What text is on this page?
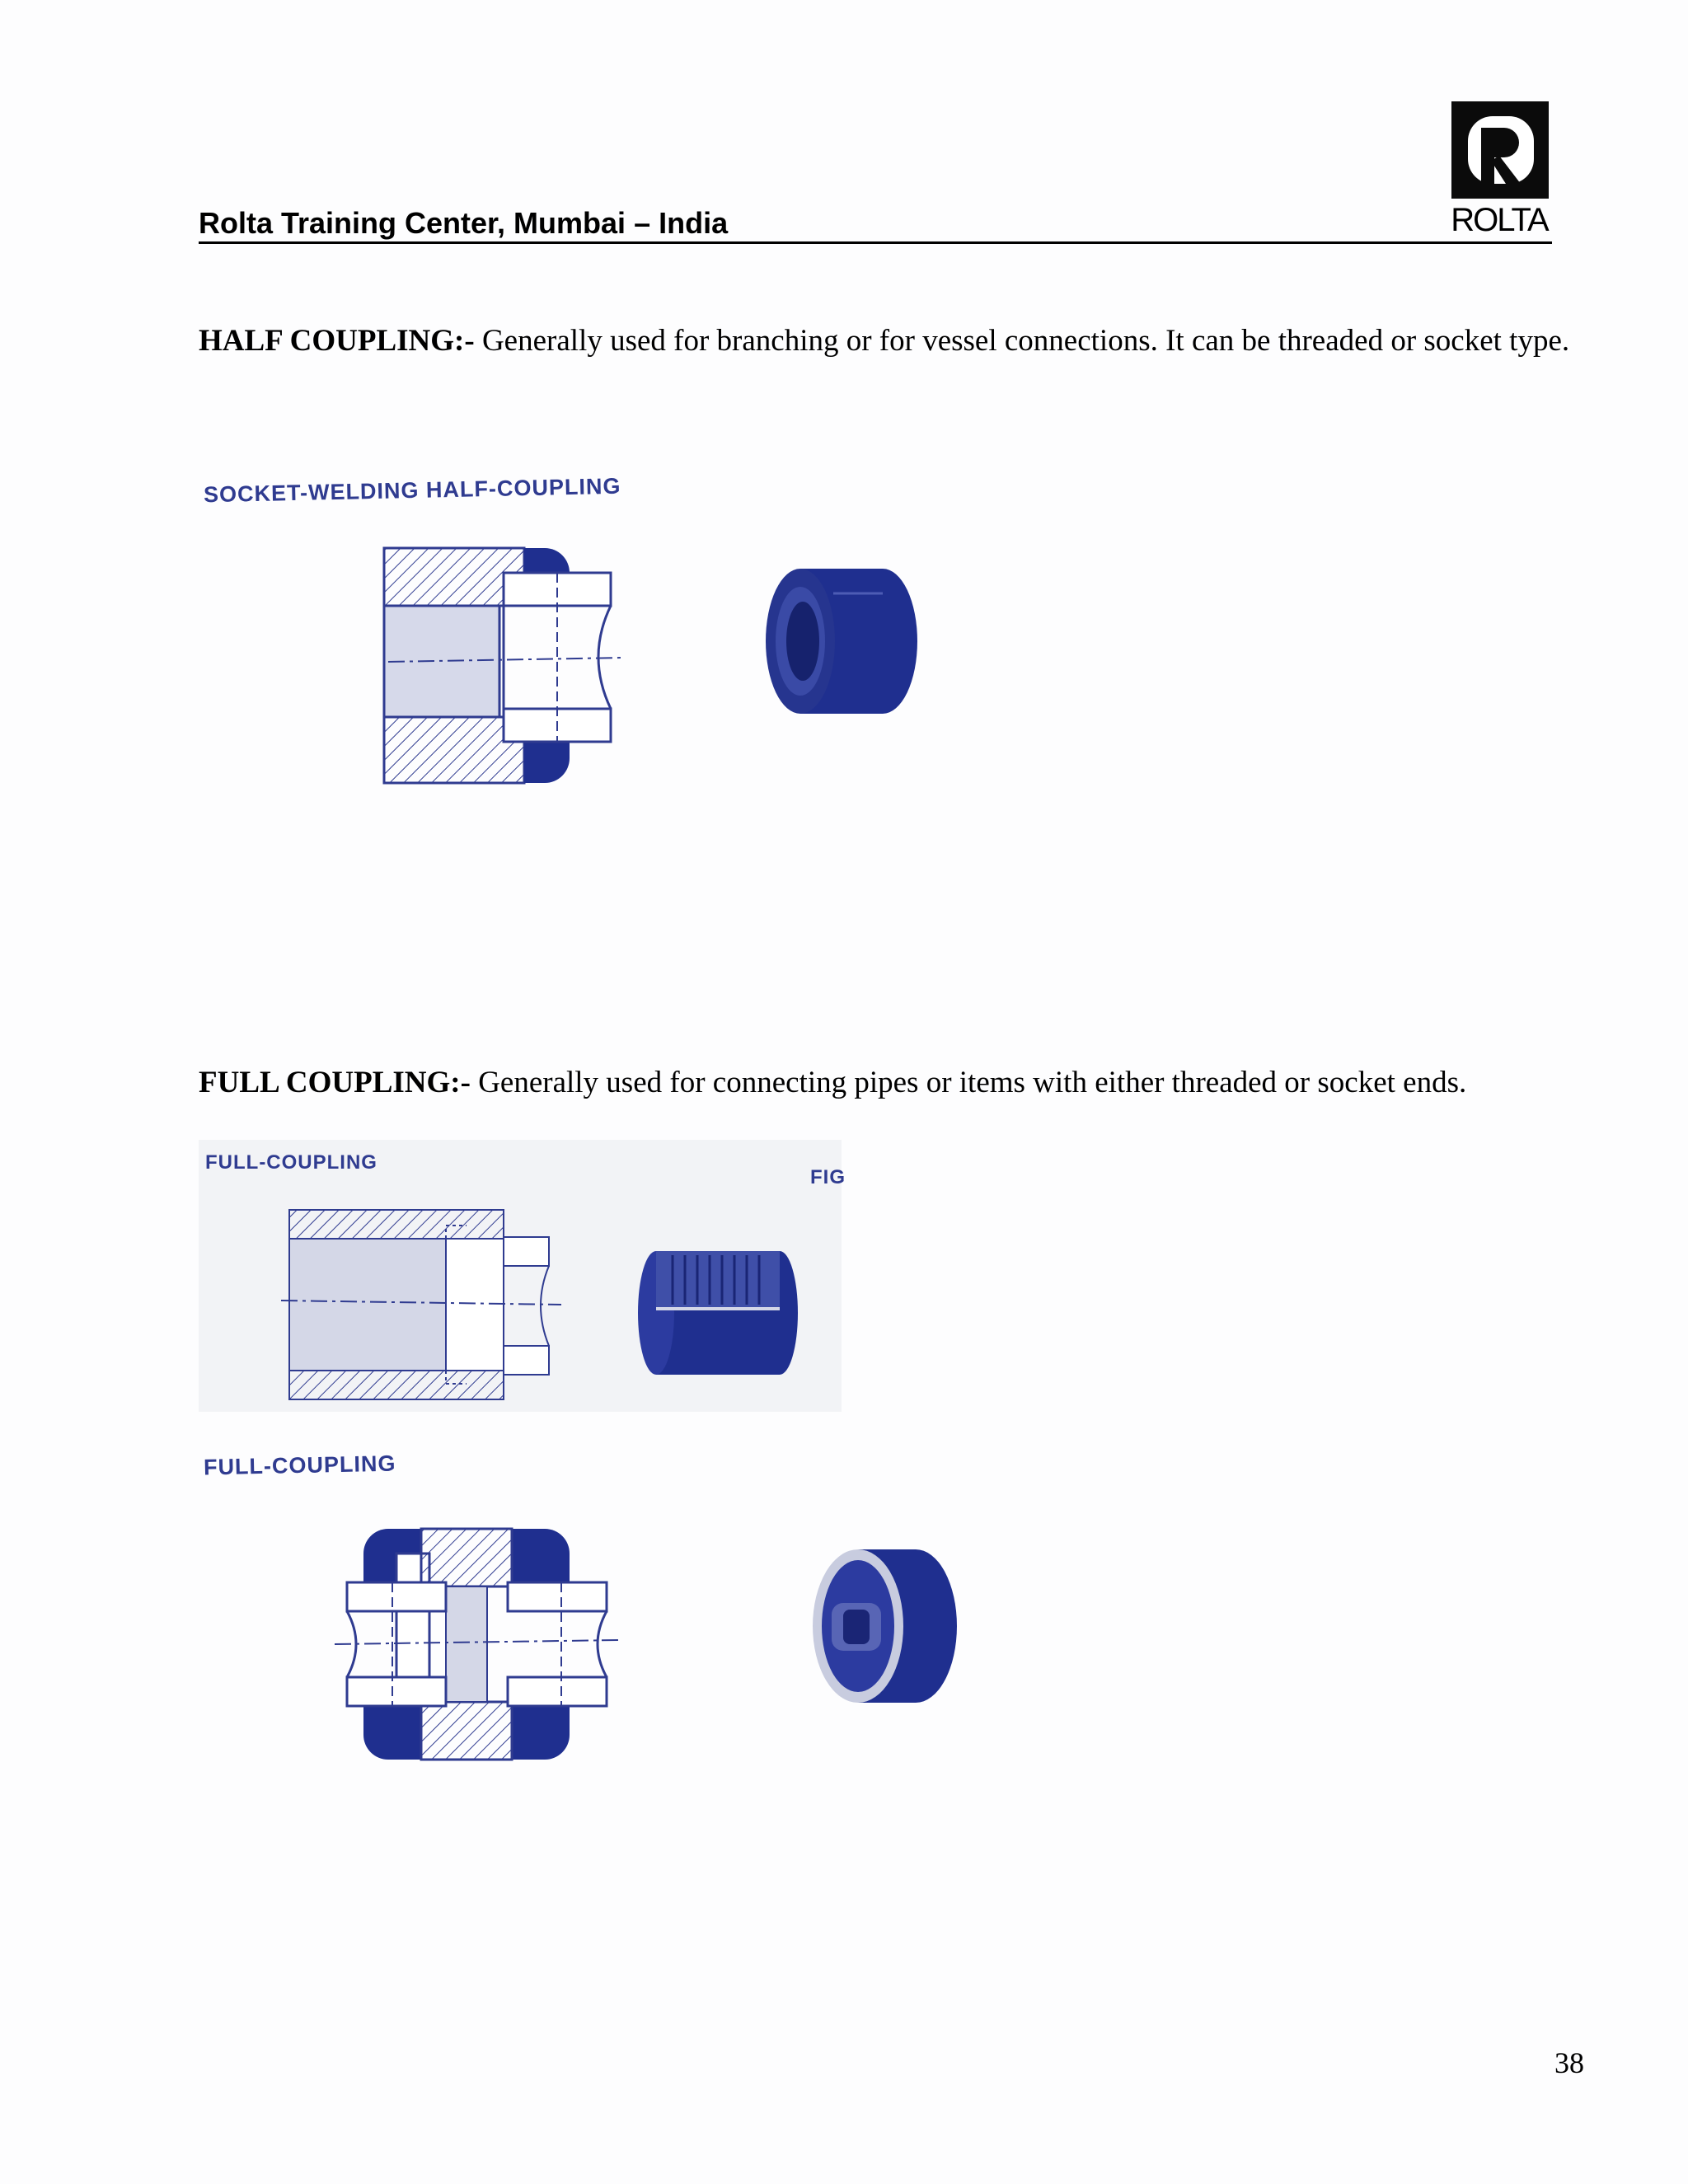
Rolta Training Center, Mumbai – India	ROLTA
HALF COUPLING:- Generally used for branching or for vessel connections. It can be threaded or socket type.
SOCKET-WELDING HALF-COUPLING
FULL COUPLING:- Generally used for connecting pipes or items with either threaded or socket ends.
FULL-COUPLING
FIG
FULL-COUPLING
38
